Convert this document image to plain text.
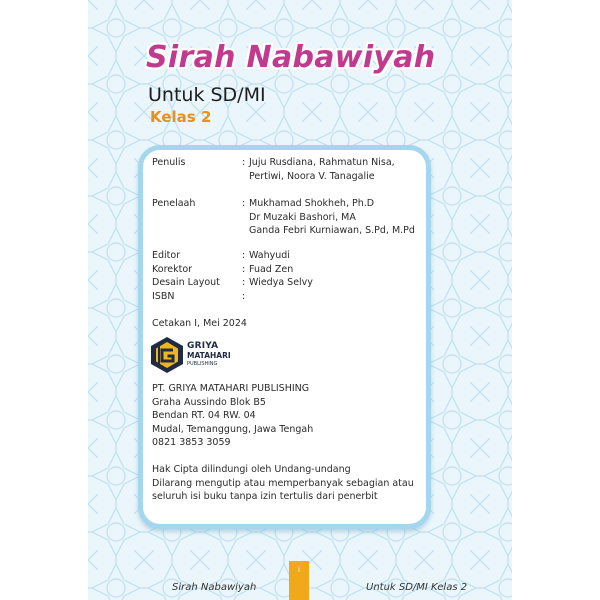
Sirah Nabawiyah
Untuk SD/MI
Kelas 2
Penulis	: Juju Rusdiana, Rahmatun Nisa,
Pertiwi, Noora V. Tanagalie
Penelaah	: Mukhamad Shokheh, Ph.D
Dr Muzaki Bashori, MA
Ganda Febri Kurniawan, S.Pd, M.Pd
Editor	: Wahyudi
Korektor	: Fuad Zen
Desain Layout	: Wiedya Selvy
ISBN	:
Cetakan I, Mei 2024
GRIYA
MATAHARI
PUBLISHING
PT. GRIYA MATAHARI PUBLISHING
Graha Aussindo Blok B5
Bendan RT. 04 RW. 04
Mudal, Temanggung, Jawa Tengah
0821 3853 3059
Hak Cipta dilindungi oleh Undang-undang
Dilarang mengutip atau memperbanyak sebagian atau
seluruh isi buku tanpa izin tertulis dari penerbit
i
Sirah Nabawiyah	Untuk SD/MI Kelas 2
